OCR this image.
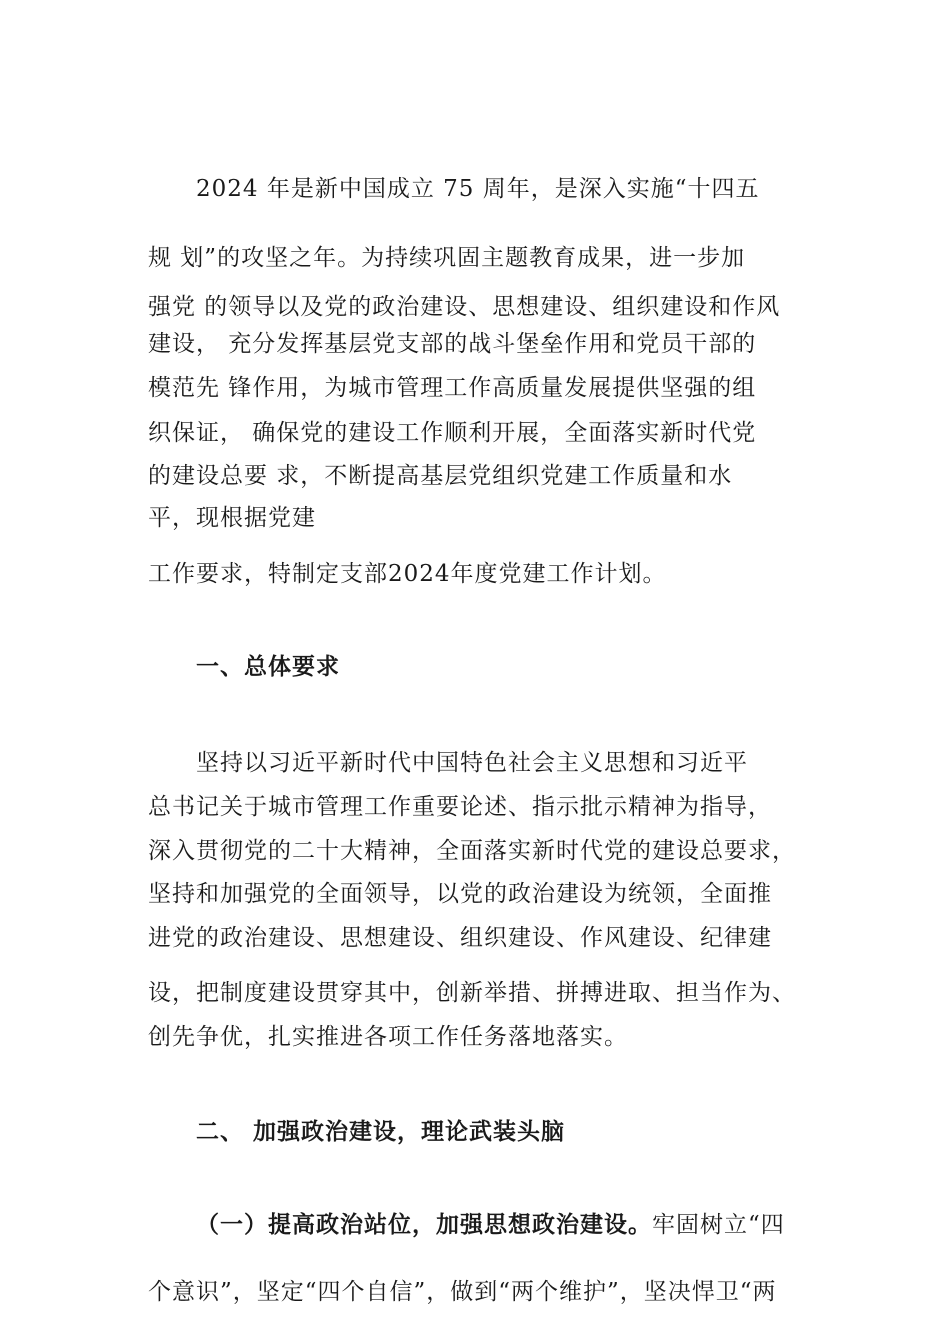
2024 年是新中国成立 75 周年，是深入实施“十四五
规 划”的攻坚之年。为持续巩固主题教育成果，进一步加
强党 的领导以及党的政治建设、思想建设、组织建设和作风
建设， 充分发挥基层党支部的战斗堡垒作用和党员干部的
模范先 锋作用，为城市管理工作高质量发展提供坚强的组
织保证， 确保党的建设工作顺利开展，全面落实新时代党
的建设总要 求，不断提高基层党组织党建工作质量和水
平，现根据党建
工作要求，特制定支部2024年度党建工作计划。
一、总体要求
坚持以习近平新时代中国特色社会主义思想和习近平
总书记关于城市管理工作重要论述、指示批示精神为指导，
深入贯彻党的二十大精神，全面落实新时代党的建设总要求，
坚持和加强党的全面领导，以党的政治建设为统领，全面推
进党的政治建设、思想建设、组织建设、作风建设、纪律建
设，把制度建设贯穿其中，创新举措、拼搏进取、担当作为、
创先争优，扎实推进各项工作任务落地落实。
二、 加强政治建设，理论武装头脑
（一）提高政治站位，加强思想政治建设。牢固树立“四
个意识”，坚定“四个自信”，做到“两个维护”，坚决悍卫“两
